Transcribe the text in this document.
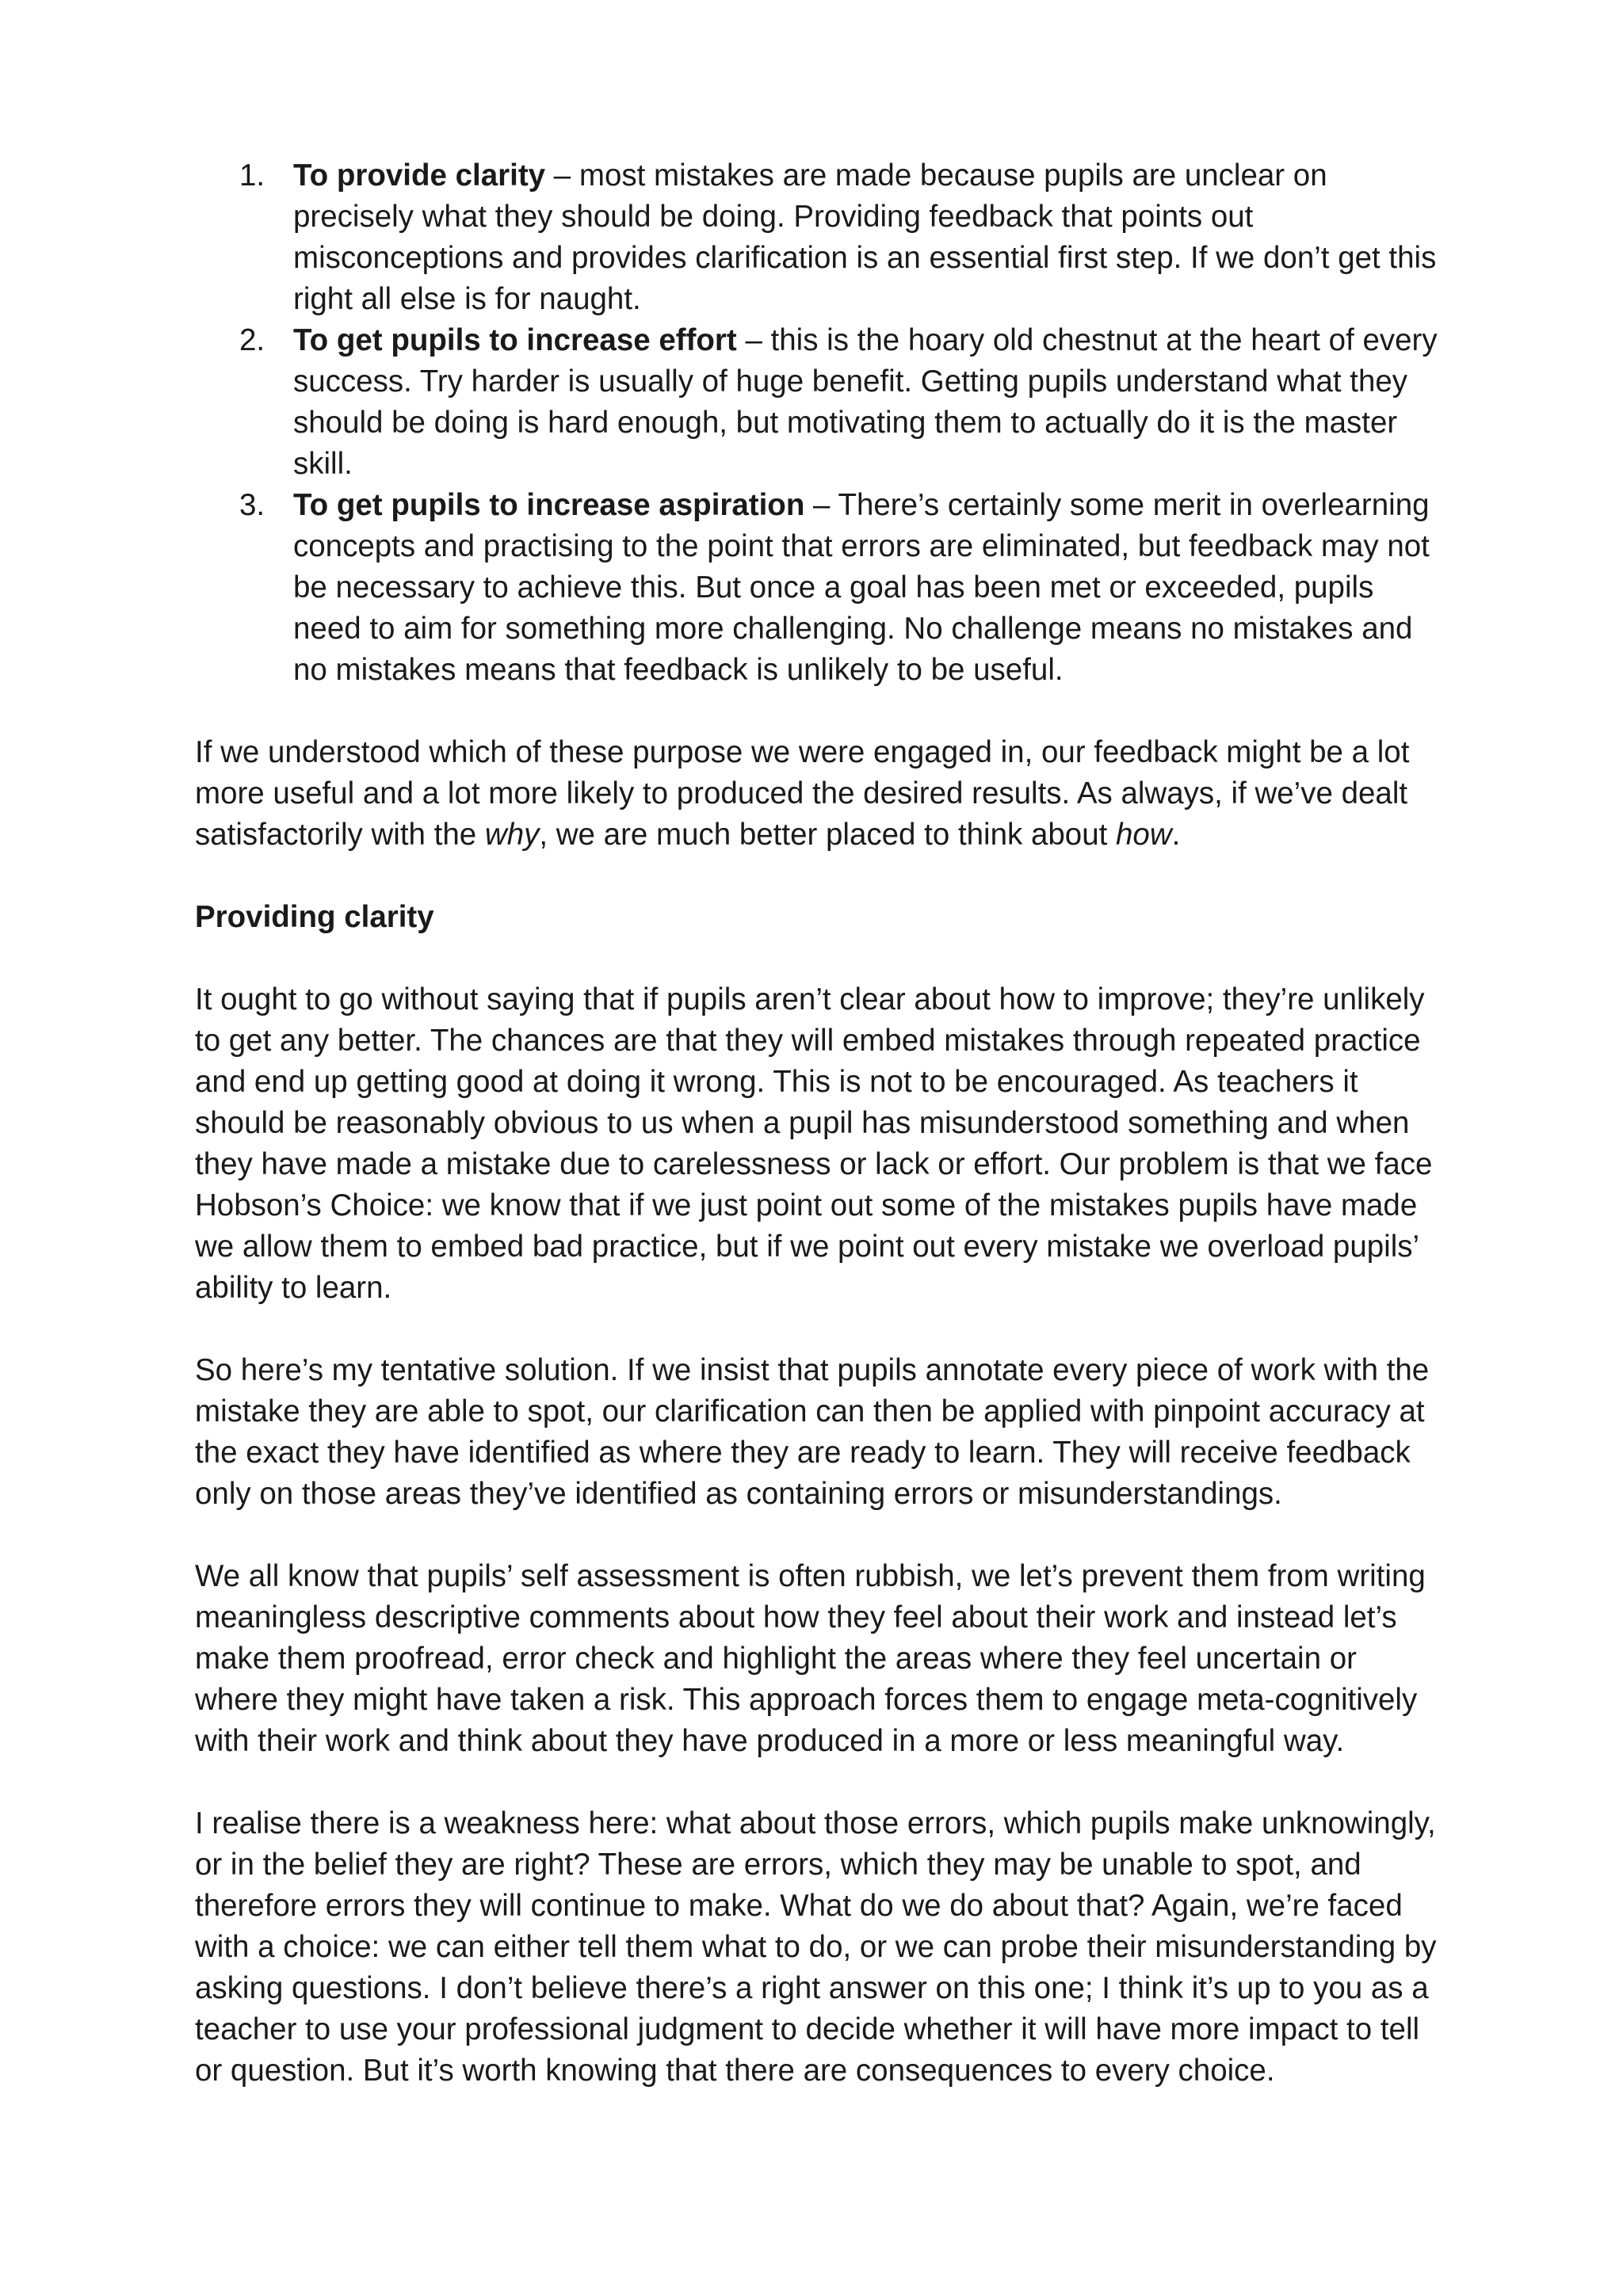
1. To provide clarity – most mistakes are made because pupils are unclear on precisely what they should be doing. Providing feedback that points out misconceptions and provides clarification is an essential first step. If we don’t get this right all else is for naught.
2. To get pupils to increase effort – this is the hoary old chestnut at the heart of every success. Try harder is usually of huge benefit. Getting pupils understand what they should be doing is hard enough, but motivating them to actually do it is the master skill.
3. To get pupils to increase aspiration – There’s certainly some merit in overlearning concepts and practising to the point that errors are eliminated, but feedback may not be necessary to achieve this. But once a goal has been met or exceeded, pupils need to aim for something more challenging. No challenge means no mistakes and no mistakes means that feedback is unlikely to be useful.

If we understood which of these purpose we were engaged in, our feedback might be a lot more useful and a lot more likely to produced the desired results. As always, if we’ve dealt satisfactorily with the why, we are much better placed to think about how.

Providing clarity

It ought to go without saying that if pupils aren’t clear about how to improve; they’re unlikely to get any better. The chances are that they will embed mistakes through repeated practice and end up getting good at doing it wrong. This is not to be encouraged. As teachers it should be reasonably obvious to us when a pupil has misunderstood something and when they have made a mistake due to carelessness or lack or effort. Our problem is that we face Hobson’s Choice: we know that if we just point out some of the mistakes pupils have made we allow them to embed bad practice, but if we point out every mistake we overload pupils’ ability to learn.

So here’s my tentative solution. If we insist that pupils annotate every piece of work with the mistake they are able to spot, our clarification can then be applied with pinpoint accuracy at the exact they have identified as where they are ready to learn. They will receive feedback only on those areas they’ve identified as containing errors or misunderstandings.

We all know that pupils’ self assessment is often rubbish, we let’s prevent them from writing meaningless descriptive comments about how they feel about their work and instead let’s make them proofread, error check and highlight the areas where they feel uncertain or where they might have taken a risk. This approach forces them to engage meta-cognitively with their work and think about they have produced in a more or less meaningful way.

I realise there is a weakness here: what about those errors, which pupils make unknowingly, or in the belief they are right? These are errors, which they may be unable to spot, and therefore errors they will continue to make. What do we do about that? Again, we’re faced with a choice: we can either tell them what to do, or we can probe their misunderstanding by asking questions. I don’t believe there’s a right answer on this one; I think it’s up to you as a teacher to use your professional judgment to decide whether it will have more impact to tell or question. But it’s worth knowing that there are consequences to every choice.
